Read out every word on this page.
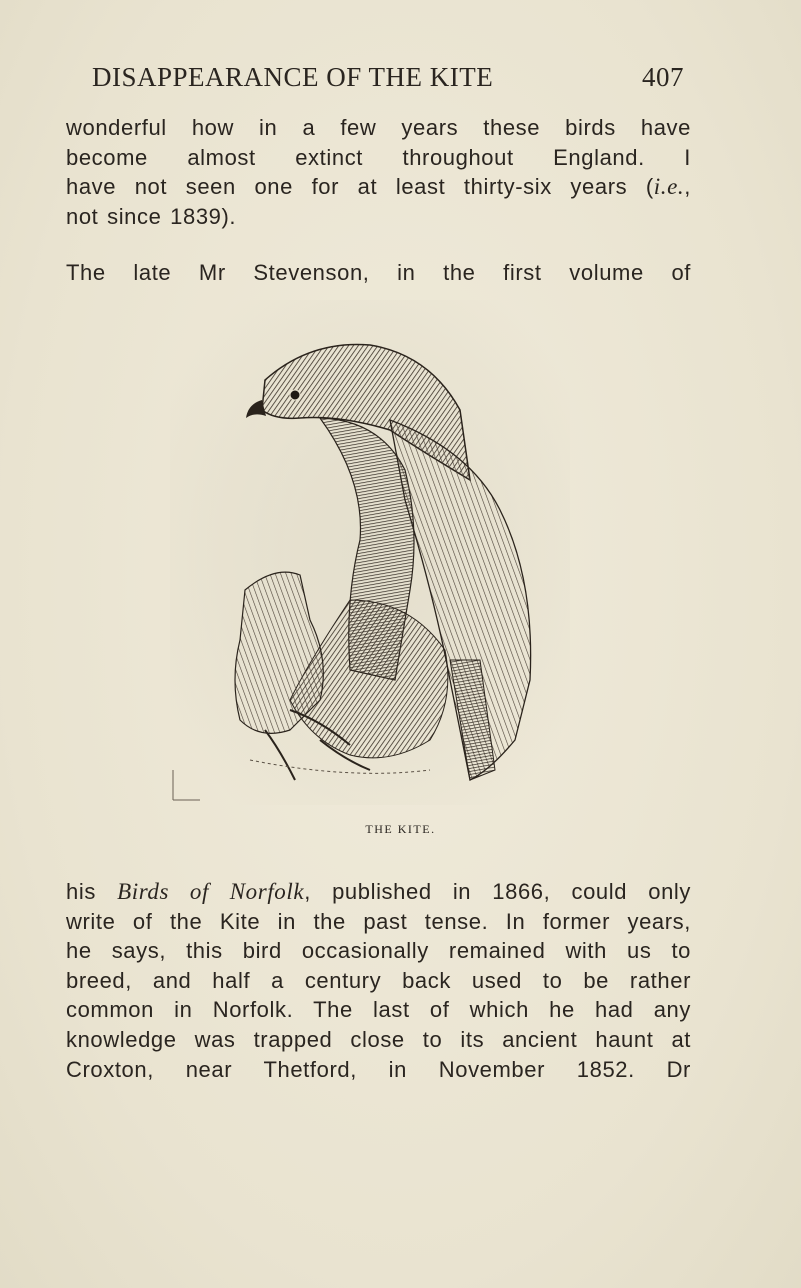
DISAPPEARANCE OF THE KITE	407
wonderful how in a few years these birds have
become almost extinct throughout England. I
have not seen one for at least thirty-six years (i.e.,
not since 1839).
The late Mr Stevenson, in the first volume of
THE KITE.
his Birds of Norfolk, published in 1866, could only
write of the Kite in the past tense. In former years,
he says, this bird occasionally remained with us to
breed, and half a century back used to be rather
common in Norfolk. The last of which he had any
knowledge was trapped close to its ancient haunt at
Croxton, near Thetford, in November 1852. Dr
